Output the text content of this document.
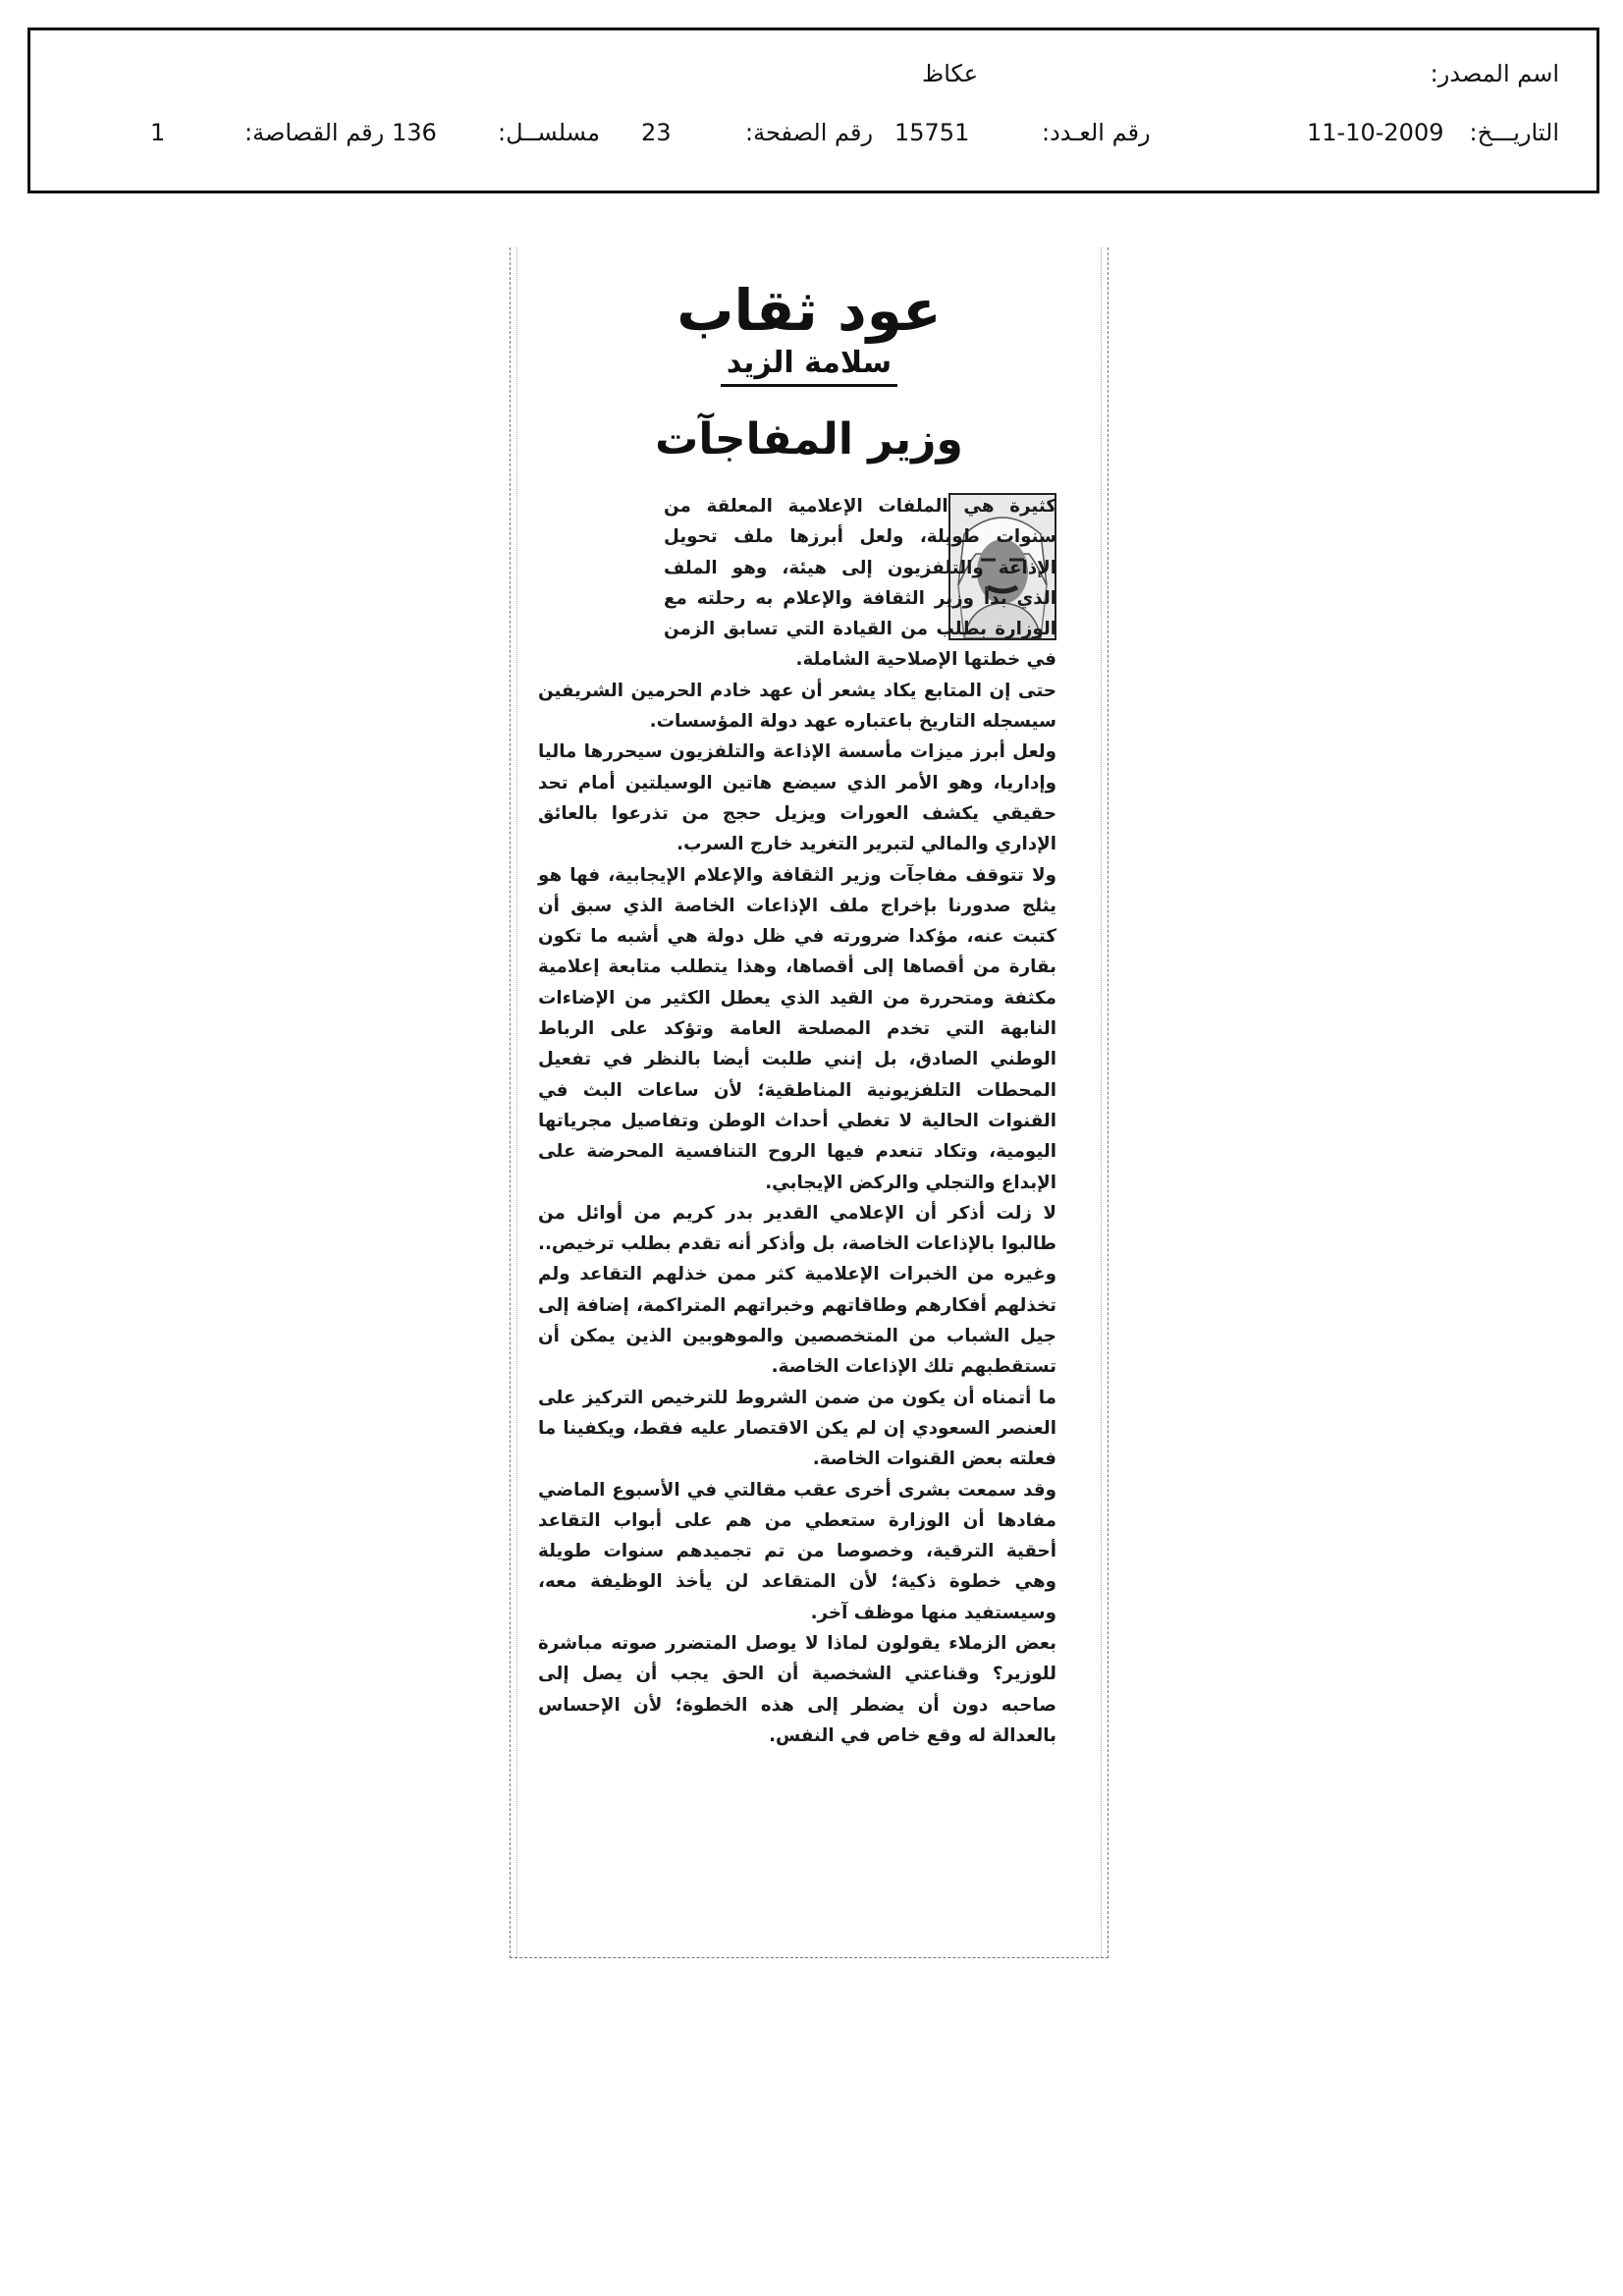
اسم المصدر:
عكاظ
التاريـــخ:
11-10-2009
رقم العـدد:
15751
رقم الصفحة:
23
مسلســل:
136
رقم القصاصة:
1
عود ثقاب
سلامة الزيد
وزير المفاجآت

كثيرة هي الملفات الإعلامية المعلقة من سنوات طويلة، ولعل أبرزها ملف تحويل الإذاعة والتلفزيون إلى هيئة، وهو الملف الذي بدأ وزير الثقافة والإعلام به رحلته مع الوزارة بطلب من القيادة التي تسابق الزمن في خطتها الإصلاحية الشاملة.

حتى إن المتابع يكاد يشعر أن عهد خادم الحرمين الشريفين سيسجله التاريخ باعتباره عهد دولة المؤسسات.

ولعل أبرز ميزات مأسسة الإذاعة والتلفزيون سيحررها ماليا وإداريا، وهو الأمر الذي سيضع هاتين الوسيلتين أمام تحد حقيقي يكشف العورات ويزيل حجج من تذرعوا بالعائق الإداري والمالي لتبرير التغريد خارج السرب.

ولا تتوقف مفاجآت وزير الثقافة والإعلام الإيجابية، فها هو يثلج صدورنا بإخراج ملف الإذاعات الخاصة الذي سبق أن كتبت عنه، مؤكدا ضرورته في ظل دولة هي أشبه ما تكون بقارة من أقصاها إلى أقصاها، وهذا يتطلب متابعة إعلامية مكثفة ومتحررة من القيد الذي يعطل الكثير من الإضاءات النابهة التي تخدم المصلحة العامة وتؤكد على الرباط الوطني الصادق، بل إنني طلبت أيضا بالنظر في تفعيل المحطات التلفزيونية المناطقية؛ لأن ساعات البث في القنوات الحالية لا تغطي أحداث الوطن وتفاصيل مجرياتها اليومية، وتكاد تنعدم فيها الروح التنافسية المحرضة على الإبداع والتجلي والركض الإيجابي.

لا زلت أذكر أن الإعلامي القدير بدر كريم من أوائل من طالبوا بالإذاعات الخاصة، بل وأذكر أنه تقدم بطلب ترخيص.. وغيره من الخبرات الإعلامية كثر ممن خذلهم التقاعد ولم تخذلهم أفكارهم وطاقاتهم وخبراتهم المتراكمة، إضافة إلى جيل الشباب من المتخصصين والموهوبين الذين يمكن أن تستقطبهم تلك الإذاعات الخاصة.

ما أتمناه أن يكون من ضمن الشروط للترخيص التركيز على العنصر السعودي إن لم يكن الاقتصار عليه فقط، ويكفينا ما فعلته بعض القنوات الخاصة.

وقد سمعت بشرى أخرى عقب مقالتي في الأسبوع الماضي مفادها أن الوزارة ستعطي من هم على أبواب التقاعد أحقية الترقية، وخصوصا من تم تجميدهم سنوات طويلة وهي خطوة ذكية؛ لأن المتقاعد لن يأخذ الوظيفة معه، وسيستفيد منها موظف آخر.

بعض الزملاء يقولون لماذا لا يوصل المتضرر صوته مباشرة للوزير؟ وقناعتي الشخصية أن الحق يجب أن يصل إلى صاحبه دون أن يضطر إلى هذه الخطوة؛ لأن الإحساس بالعدالة له وقع خاص في النفس.
